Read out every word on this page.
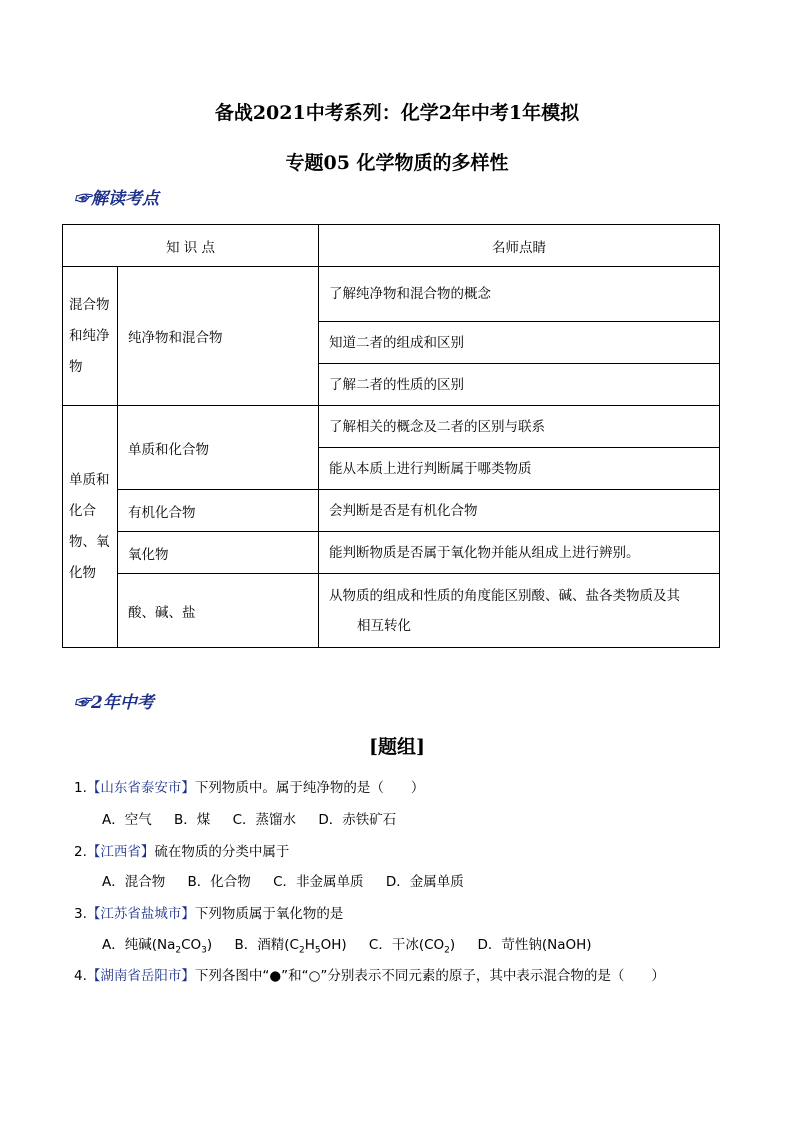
备战2021中考系列：化学2年中考1年模拟
专题05 化学物质的多样性
☞解读考点
知 识 点		名师点睛
混合物和纯净物	纯净物和混合物	了解纯净物和混合物的概念
		知道二者的组成和区别
		了解二者的性质的区别
单质和化合物、氧化物	单质和化合物	了解相关的概念及二者的区别与联系
		能从本质上进行判断属于哪类物质
	有机化合物	会判断是否是有机化合物
	氧化物	能判断物质是否属于氧化物并能从组成上进行辨别。
	酸、碱、盐	从物质的组成和性质的角度能区别酸、碱、盐各类物质及其
相互转化
☞2年中考
[题组]
1.【山东省泰安市】下列物质中。属于纯净物的是（　　）
A．空气 B．煤 C．蒸馏水 D．赤铁矿石
2.【江西省】硫在物质的分类中属于
A．混合物 B．化合物 C．非金属单质 D．金属单质
3.【江苏省盐城市】下列物质属于氧化物的是
A．纯碱$(Na_2CO_3)$ B．酒精$(C_2H_5OH)$ C．干冰$(CO_2)$ D．苛性钠(NaOH)
4.【湖南省岳阳市】下列各图中“●”和“○”分别表示不同元素的原子，其中表示混合物的是（　　）
